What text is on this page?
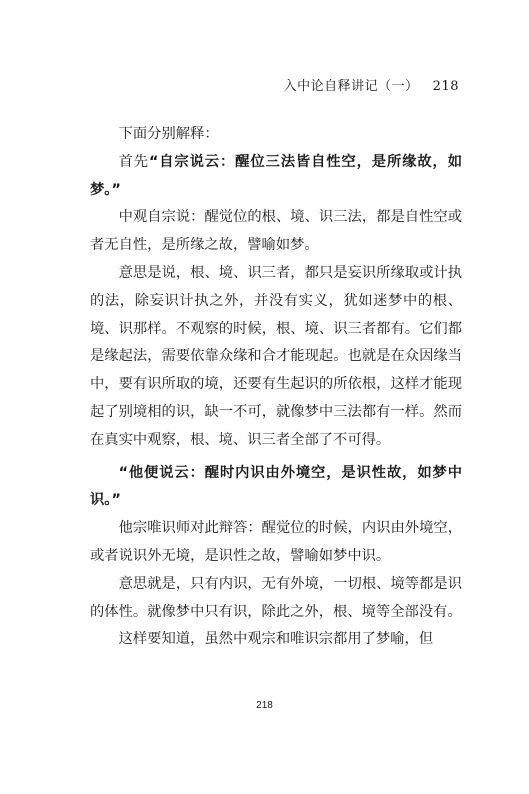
入中论自释讲记（一） 218

下面分别解释：

首先“自宗说云：醒位三法皆自性空，是所缘故，如梦。”

中观自宗说：醒觉位的根、境、识三法，都是自性空或者无自性，是所缘之故，譬喻如梦。

意思是说，根、境、识三者，都只是妄识所缘取或计执的法，除妄识计执之外，并没有实义，犹如迷梦中的根、境、识那样。不观察的时候，根、境、识三者都有。它们都是缘起法，需要依靠众缘和合才能现起。也就是在众因缘当中，要有识所取的境，还要有生起识的所依根，这样才能现起了别境相的识，缺一不可，就像梦中三法都有一样。然而在真实中观察，根、境、识三者全部了不可得。

“他便说云：醒时内识由外境空，是识性故，如梦中识。”

他宗唯识师对此辩答：醒觉位的时候，内识由外境空，或者说识外无境，是识性之故，譬喻如梦中识。

意思就是，只有内识，无有外境，一切根、境等都是识的体性。就像梦中只有识，除此之外，根、境等全部没有。

这样要知道，虽然中观宗和唯识宗都用了梦喻，但

218
